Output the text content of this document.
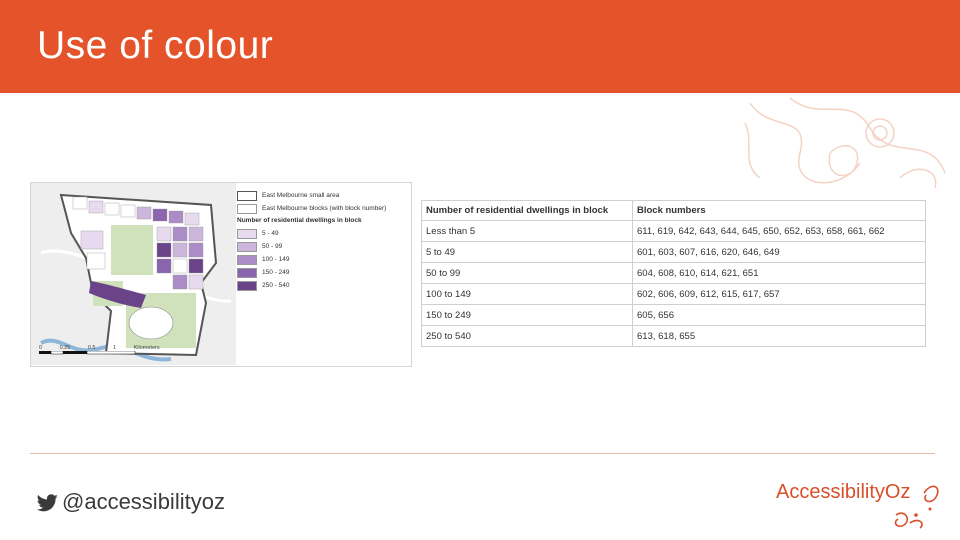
Use of colour
East Melbourne small area
East Melbourne blocks (with block number)
Number of residential dwellings in block
5 - 49
50 - 99
100 - 149
150 - 249
250 - 540
0	0.25	0.5	1	Kilometers
Number of residential dwellings in block	Block numbers
Less than 5	611, 619, 642, 643, 644, 645, 650, 652, 653, 658, 661, 662
5 to 49	601, 603, 607, 616, 620, 646, 649
50 to 99	604, 608, 610, 614, 621, 651
100 to 149	602, 606, 609, 612, 615, 617, 657
150 to 249	605, 656
250 to 540	613, 618, 655
@accessibilityoz	AccessibilityOz
